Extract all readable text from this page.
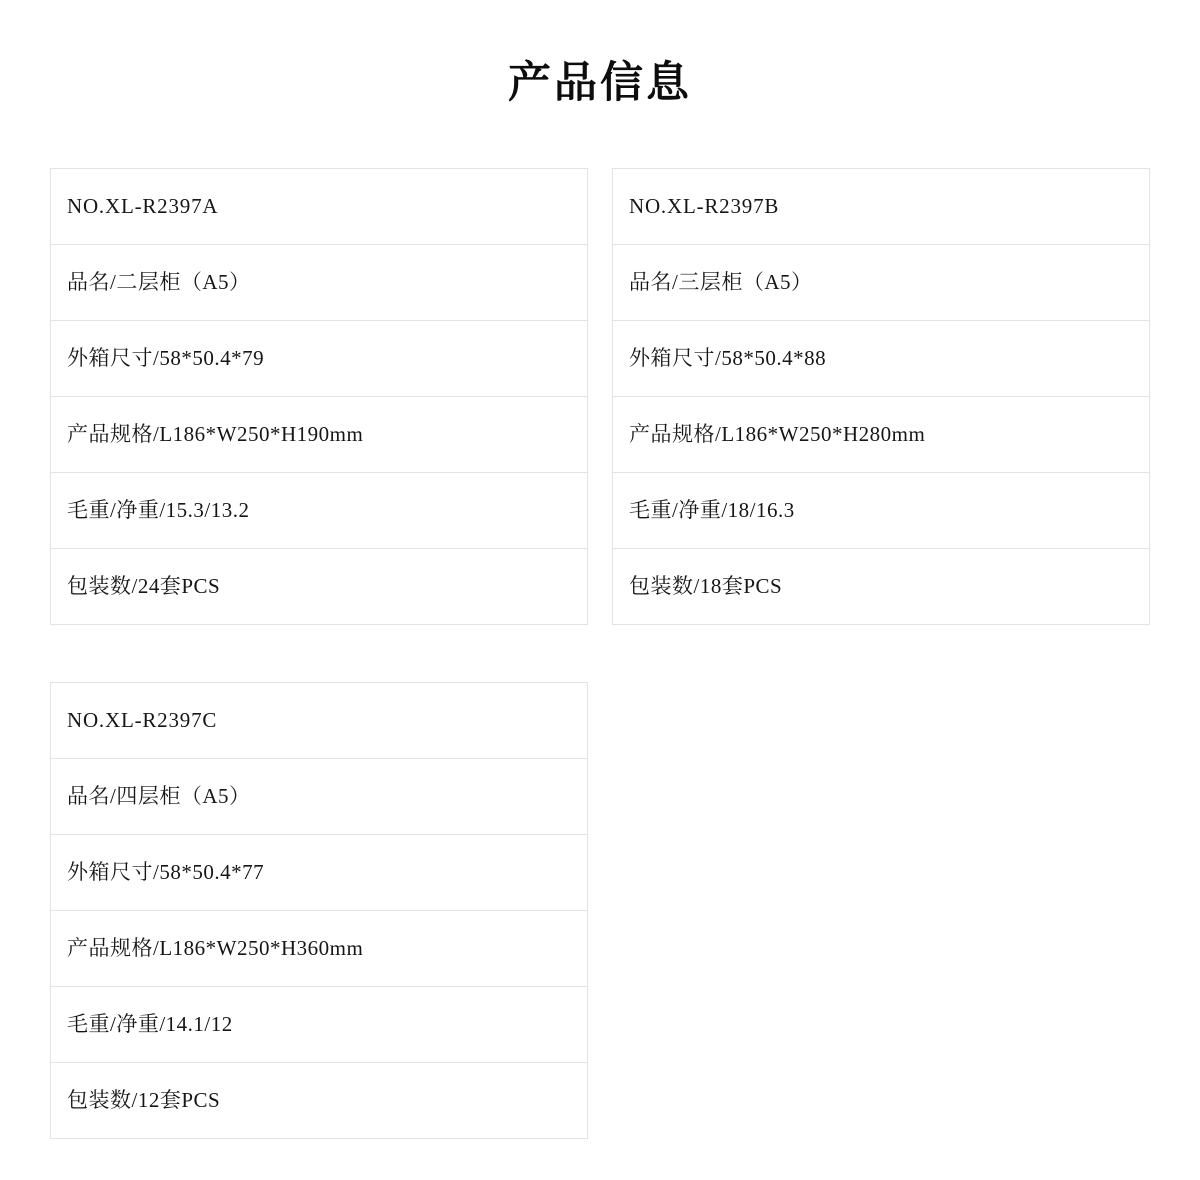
产品信息
NO.XL-R2397A
品名/二层柜（A5）
外箱尺寸/58*50.4*79
产品规格/L186*W250*H190mm
毛重/净重/15.3/13.2
包装数/24套PCS
NO.XL-R2397B
品名/三层柜（A5）
外箱尺寸/58*50.4*88
产品规格/L186*W250*H280mm
毛重/净重/18/16.3
包装数/18套PCS
NO.XL-R2397C
品名/四层柜（A5）
外箱尺寸/58*50.4*77
产品规格/L186*W250*H360mm
毛重/净重/14.1/12
包装数/12套PCS
